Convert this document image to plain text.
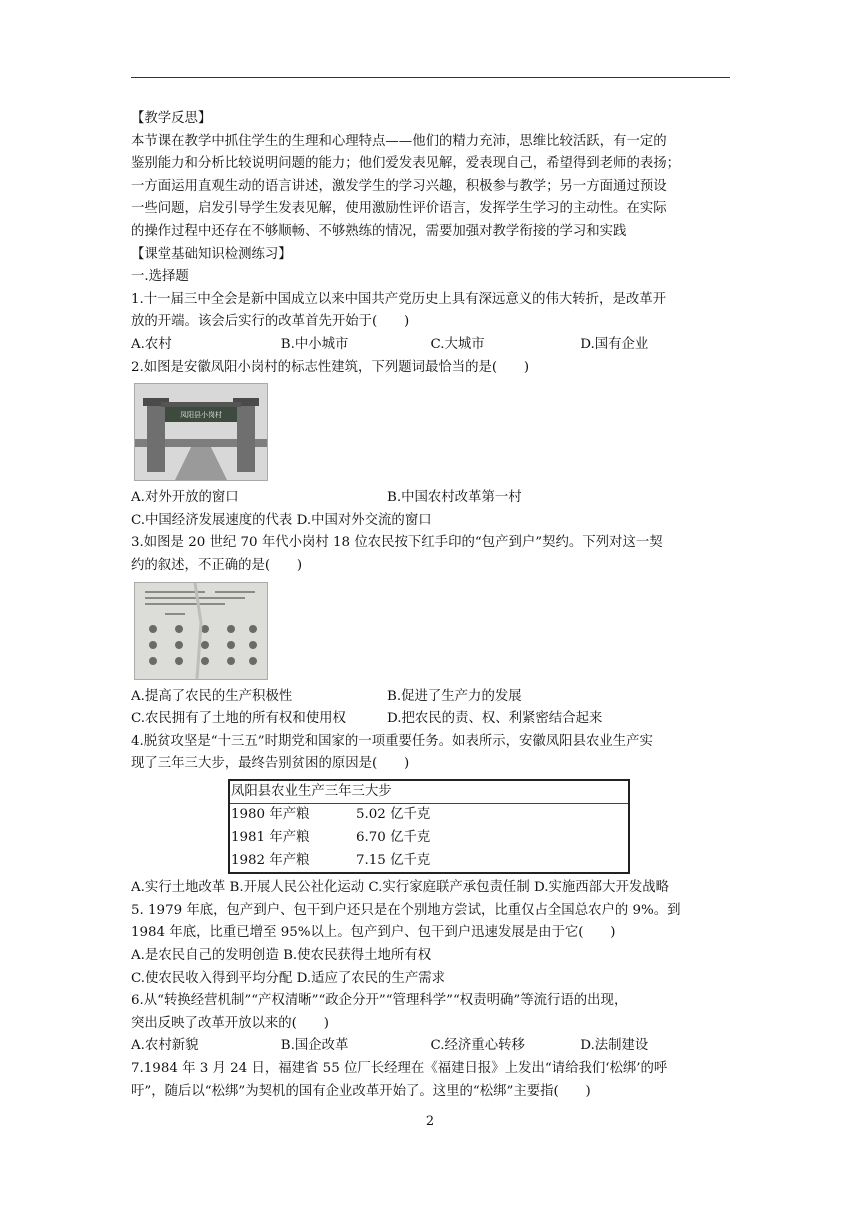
【教学反思】
本节课在教学中抓住学生的生理和心理特点——他们的精力充沛，思维比较活跃，有一定的
鉴别能力和分析比较说明问题的能力；他们爱发表见解，爱表现自己，希望得到老师的表扬；
一方面运用直观生动的语言讲述，激发学生的学习兴趣，积极参与教学；另一方面通过预设
一些问题，启发引导学生发表见解，使用激励性评价语言，发挥学生学习的主动性。在实际
的操作过程中还存在不够顺畅、不够熟练的情况，需要加强对教学衔接的学习和实践
【课堂基础知识检测练习】
一.选择题
1.十一届三中全会是新中国成立以来中国共产党历史上具有深远意义的伟大转折，是改革开
放的开端。该会后实行的改革首先开始于(　　)
A.农村	B.中小城市	C.大城市	D.国有企业
2.如图是安徽凤阳小岗村的标志性建筑，下列题词最恰当的是(　　)
凤阳县小岗村
A.对外开放的窗口	B.中国农村改革第一村
C.中国经济发展速度的代表 D.中国对外交流的窗口
3.如图是 20 世纪 70 年代小岗村 18 位农民按下红手印的“包产到户”契约。下列对这一契
约的叙述，不正确的是(　　)
A.提高了农民的生产积极性	B.促进了生产力的发展
C.农民拥有了土地的所有权和使用权	D.把农民的责、权、利紧密结合起来
4.脱贫攻坚是“十三五”时期党和国家的一项重要任务。如表所示，安徽凤阳县农业生产实
现了三年三大步，最终告别贫困的原因是(　　)
凤阳县农业生产三年三大步	
1980 年产粮	5.02 亿千克
1981 年产粮	6.70 亿千克
1982 年产粮	7.15 亿千克
A.实行土地改革 B.开展人民公社化运动 C.实行家庭联产承包责任制 D.实施西部大开发战略
5. 1979 年底，包产到户、包干到户还只是在个别地方尝试，比重仅占全国总农户的 9%。到
1984 年底，比重已增至 95%以上。包产到户、包干到户迅速发展是由于它(　　)
A.是农民自己的发明创造 B.使农民获得土地所有权
C.使农民收入得到平均分配 D.适应了农民的生产需求
6.从“转换经营机制”“产权清晰”“政企分开”“管理科学”“权责明确”等流行语的出现，
突出反映了改革开放以来的(　　)
A.农村新貌	B.国企改革	C.经济重心转移	D.法制建设
7.1984 年 3 月 24 日，福建省 55 位厂长经理在《福建日报》上发出“请给我们‘松绑’的呼
吁”，随后以“松绑”为契机的国有企业改革开始了。这里的“松绑”主要指(　　)
2
